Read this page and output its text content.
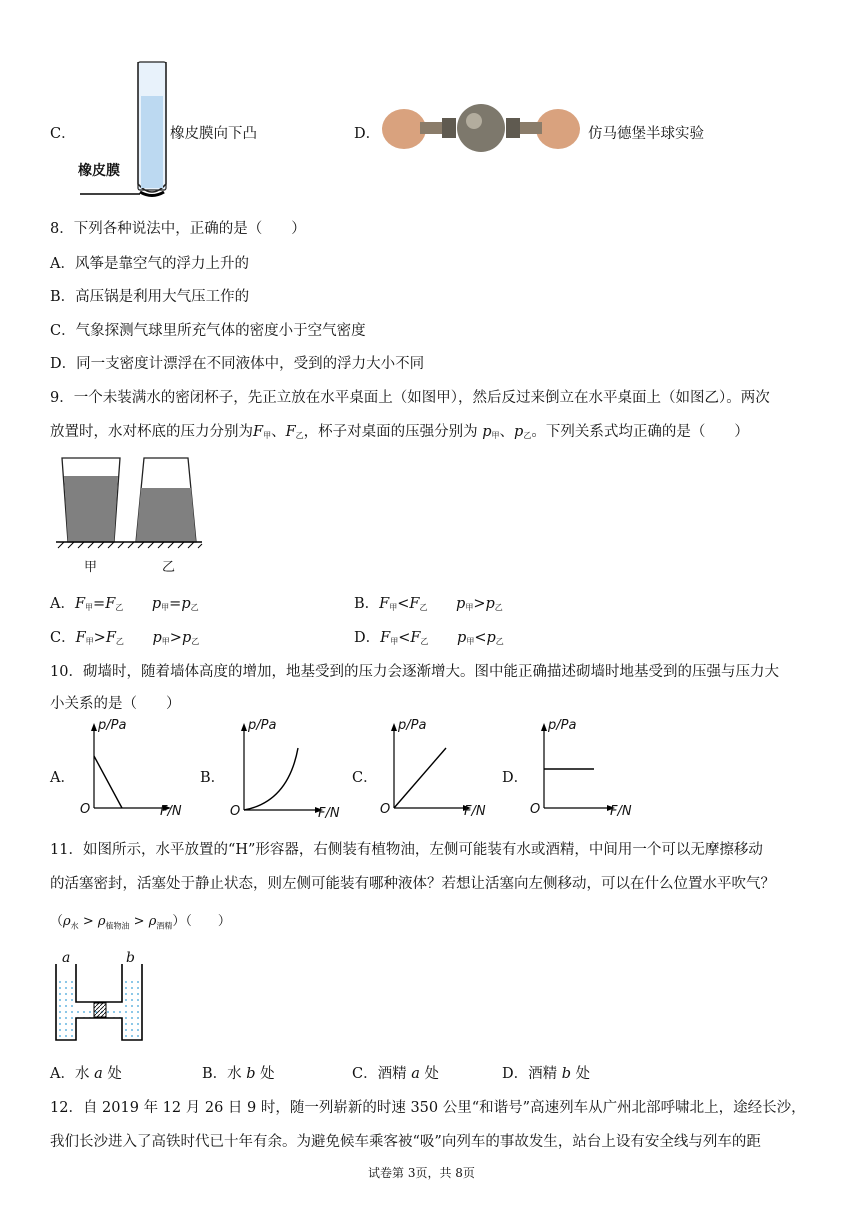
C．
橡皮膜
橡皮膜向下凸	D．	仿马德堡半球实验
8．下列各种说法中，正确的是（　　）
A．风筝是靠空气的浮力上升的
B．高压锅是利用大气压工作的
C．气象探测气球里所充气体的密度小于空气密度
D．同一支密度计漂浮在不同液体中，受到的浮力大小不同
9．一个未装满水的密闭杯子，先正立放在水平桌面上（如图甲），然后反过来倒立在水平桌面上（如图乙）。两次
放置时，水对杯底的压力分别为$F_甲$、$F_乙$，杯子对桌面的压强分别为 $p_甲$、$p_乙$。下列关系式均正确的是（　　）
甲	乙
A．$F_甲=F_乙$ $p_甲=p_乙$	B．$F_甲<F_乙$ $p_甲>p_乙$
C．$F_甲>F_乙$ $p_甲>p_乙$	D．$F_甲<F_乙$ $p_甲<p_乙$
10．砌墙时，随着墙体高度的增加，地基受到的压力会逐渐增大。图中能正确描述砌墙时地基受到的压强与压力大
小关系的是（　　）
A．	B．	C．	D．
p/Pa
O	F/N
p/Pa
O	F/N
p/Pa
O	F/N
p/Pa
O	F/N
11．如图所示，水平放置的“H”形容器，右侧装有植物油，左侧可能装有水或酒精，中间用一个可以无摩擦移动
的活塞密封，活塞处于静止状态，则左侧可能装有哪种液体？若想让活塞向左侧移动，可以在什么位置水平吹气？
$(\rho_水 > \rho_{植物油} > \rho_{酒精})$（　　）
a	b
A．水 a 处	B．水 b 处	C．酒精 a 处	D．酒精 b 处
12．自 2019 年 12 月 26 日 9 时，随一列崭新的时速 350 公里“和谐号”高速列车从广州北部呼啸北上，途经长沙，
我们长沙进入了高铁时代已十年有余。为避免候车乘客被“吸”向列车的事故发生，站台上设有安全线与列车的距
试卷第 3页，共 8页
